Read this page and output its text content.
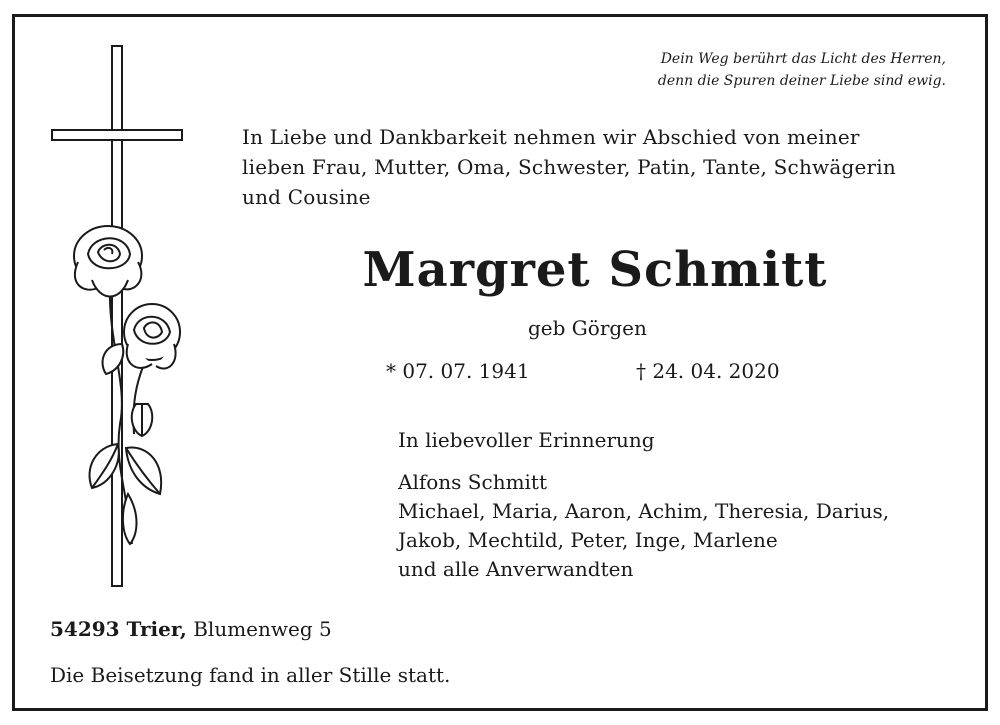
Dein Weg berührt das Licht des Herren,
denn die Spuren deiner Liebe sind ewig.
In Liebe und Dankbarkeit nehmen wir Abschied von meiner
lieben Frau, Mutter, Oma, Schwester, Patin, Tante, Schwägerin
und Cousine
Margret Schmitt
geb Görgen
* 07. 07. 1941	† 24. 04. 2020
In liebevoller Erinnerung
Alfons Schmitt
Michael, Maria, Aaron, Achim, Theresia, Darius,
Jakob, Mechtild, Peter, Inge, Marlene
und alle Anverwandten
54293 Trier, Blumenweg 5
Die Beisetzung fand in aller Stille statt.
